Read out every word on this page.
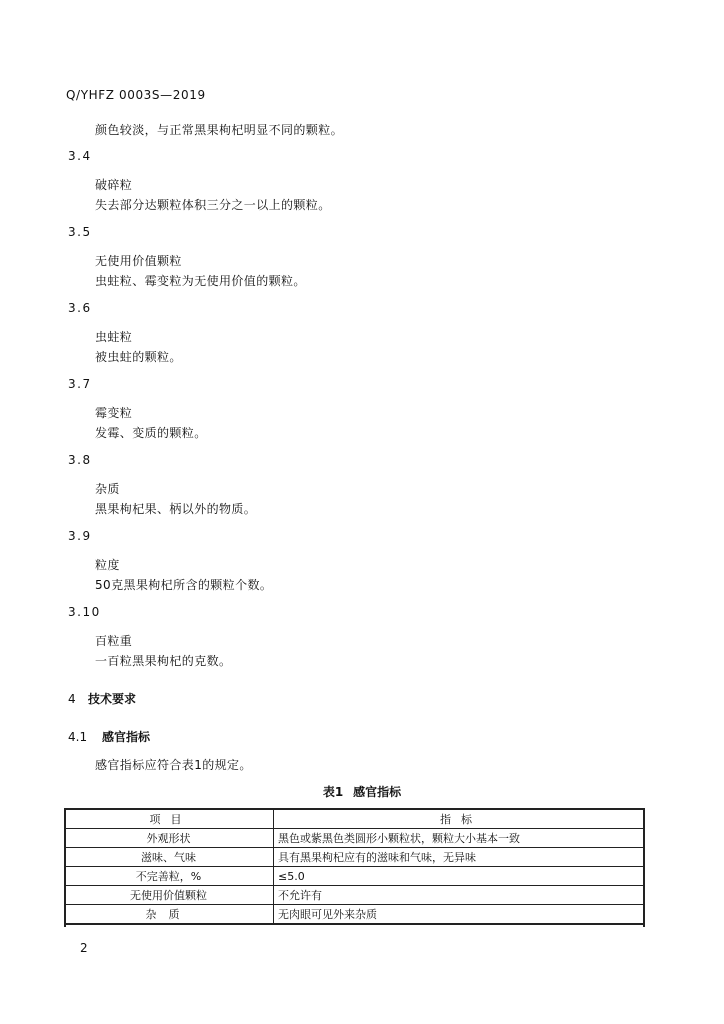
Q/YHFZ 0003S—2019
颜色较淡，与正常黑果枸杞明显不同的颗粒。
3.4
破碎粒
失去部分达颗粒体积三分之一以上的颗粒。
3.5
无使用价值颗粒
虫蛀粒、霉变粒为无使用价值的颗粒。
3.6
虫蛀粒
被虫蛀的颗粒。
3.7
霉变粒
发霉、变质的颗粒。
3.8
杂质
黑果枸杞果、柄以外的物质。
3.9
粒度
50克黑果枸杞所含的颗粒个数。
3.10
百粒重
一百粒黑果枸杞的克数。
4 技术要求
4.1 感官指标
感官指标应符合表1的规定。
表1 感官指标
项目	指标
外观形状	黑色或紫黑色类圆形小颗粒状，颗粒大小基本一致
滋味、气味	具有黑果枸杞应有的滋味和气味，无异味
不完善粒，%	≤5.0
无使用价值颗粒	不允许有
杂质	无肉眼可见外来杂质
2
